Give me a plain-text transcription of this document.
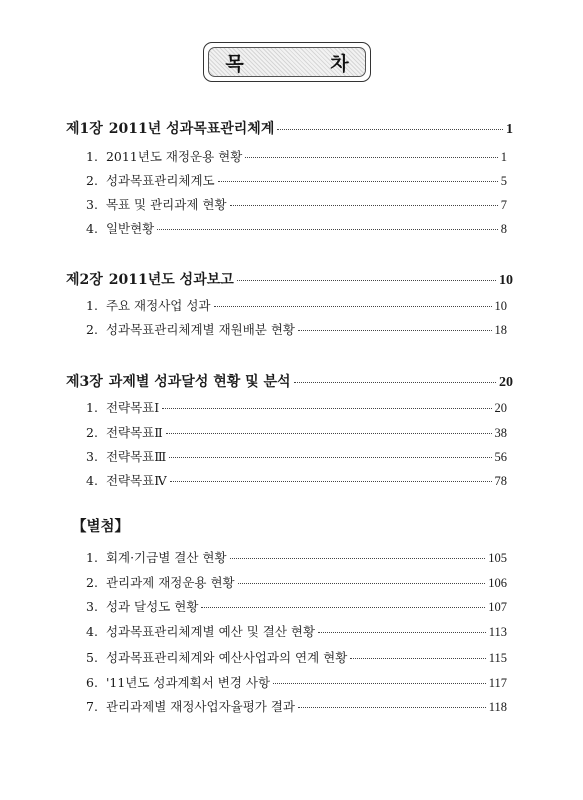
목 차
제1장 2011년 성과목표관리체계	1
1. 2011년도 재정운용 현황	1
2. 성과목표관리체계도	5
3. 목표 및 관리과제 현황	7
4. 일반현황	8
제2장 2011년도 성과보고	10
1. 주요 재정사업 성과	10
2. 성과목표관리체계별 재원배분 현황	18
제3장 과제별 성과달성 현황 및 분석	20
1. 전략목표Ⅰ	20
2. 전략목표Ⅱ	38
3. 전략목표Ⅲ	56
4. 전략목표Ⅳ	78
【별첨】
1. 회계·기금별 결산 현황	105
2. 관리과제 재정운용 현황	106
3. 성과 달성도 현황	107
4. 성과목표관리체계별 예산 및 결산 현황	113
5. 성과목표관리체계와 예산사업과의 연계 현황	115
6. '11년도 성과계획서 변경 사항	117
7. 관리과제별 재정사업자율평가 결과	118
